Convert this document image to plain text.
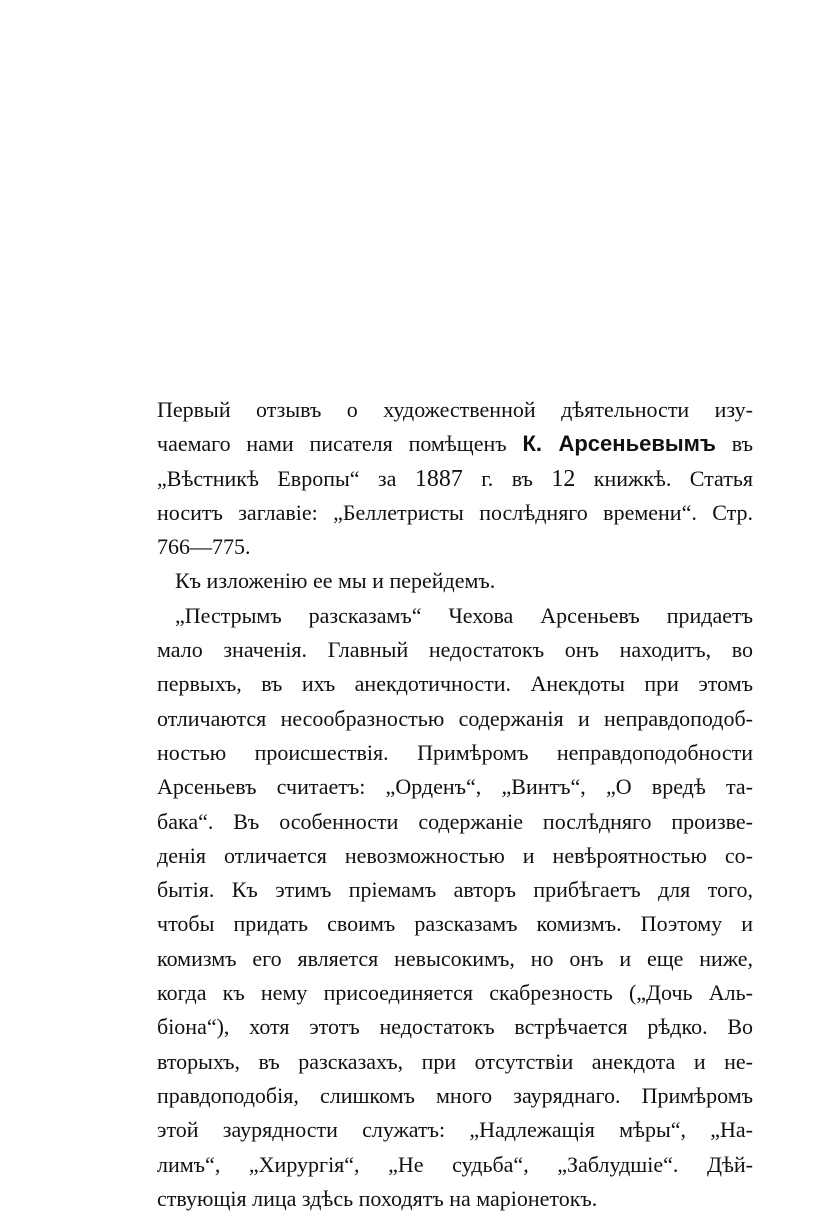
Первый отзывъ о художественной дѣятельности изу-
чаемаго нами писателя помѣщенъ К. Арсеньевымъ въ
„Вѣстникѣ Европы“ за 1887 г. въ 12 книжкѣ. Статья
носитъ заглавіе: „Беллетристы послѣдняго времени“. Стр.
766—775.
Къ изложенію ее мы и перейдемъ.
„Пестрымъ разсказамъ“ Чехова Арсеньевъ придаетъ
мало значенія. Главный недостатокъ онъ находитъ, во
первыхъ, въ ихъ анекдотичности. Анекдоты при этомъ
отличаются несообразностью содержанія и неправдоподоб-
ностью происшествія. Примѣромъ неправдоподобности
Арсеньевъ считаетъ: „Орденъ“, „Винтъ“, „О вредѣ та-
бака“. Въ особенности содержаніе послѣдняго произве-
денія отличается невозможностью и невѣроятностью со-
бытія. Къ этимъ пріемамъ авторъ прибѣгаетъ для того,
чтобы придать своимъ разсказамъ комизмъ. Поэтому и
комизмъ его является невысокимъ, но онъ и еще ниже,
когда къ нему присоединяется скабрезность („Дочь Аль-
біона“), хотя этотъ недостатокъ встрѣчается рѣдко. Во
вторыхъ, въ разсказахъ, при отсутствіи анекдота и не-
правдоподобія, слишкомъ много зауряднаго. Примѣромъ
этой заурядности служатъ: „Надлежащія мѣры“, „На-
лимъ“, „Хирургія“, „Не судьба“, „Заблудшіе“. Дѣй-
ствующія лица здѣсь походятъ на маріонетокъ.
